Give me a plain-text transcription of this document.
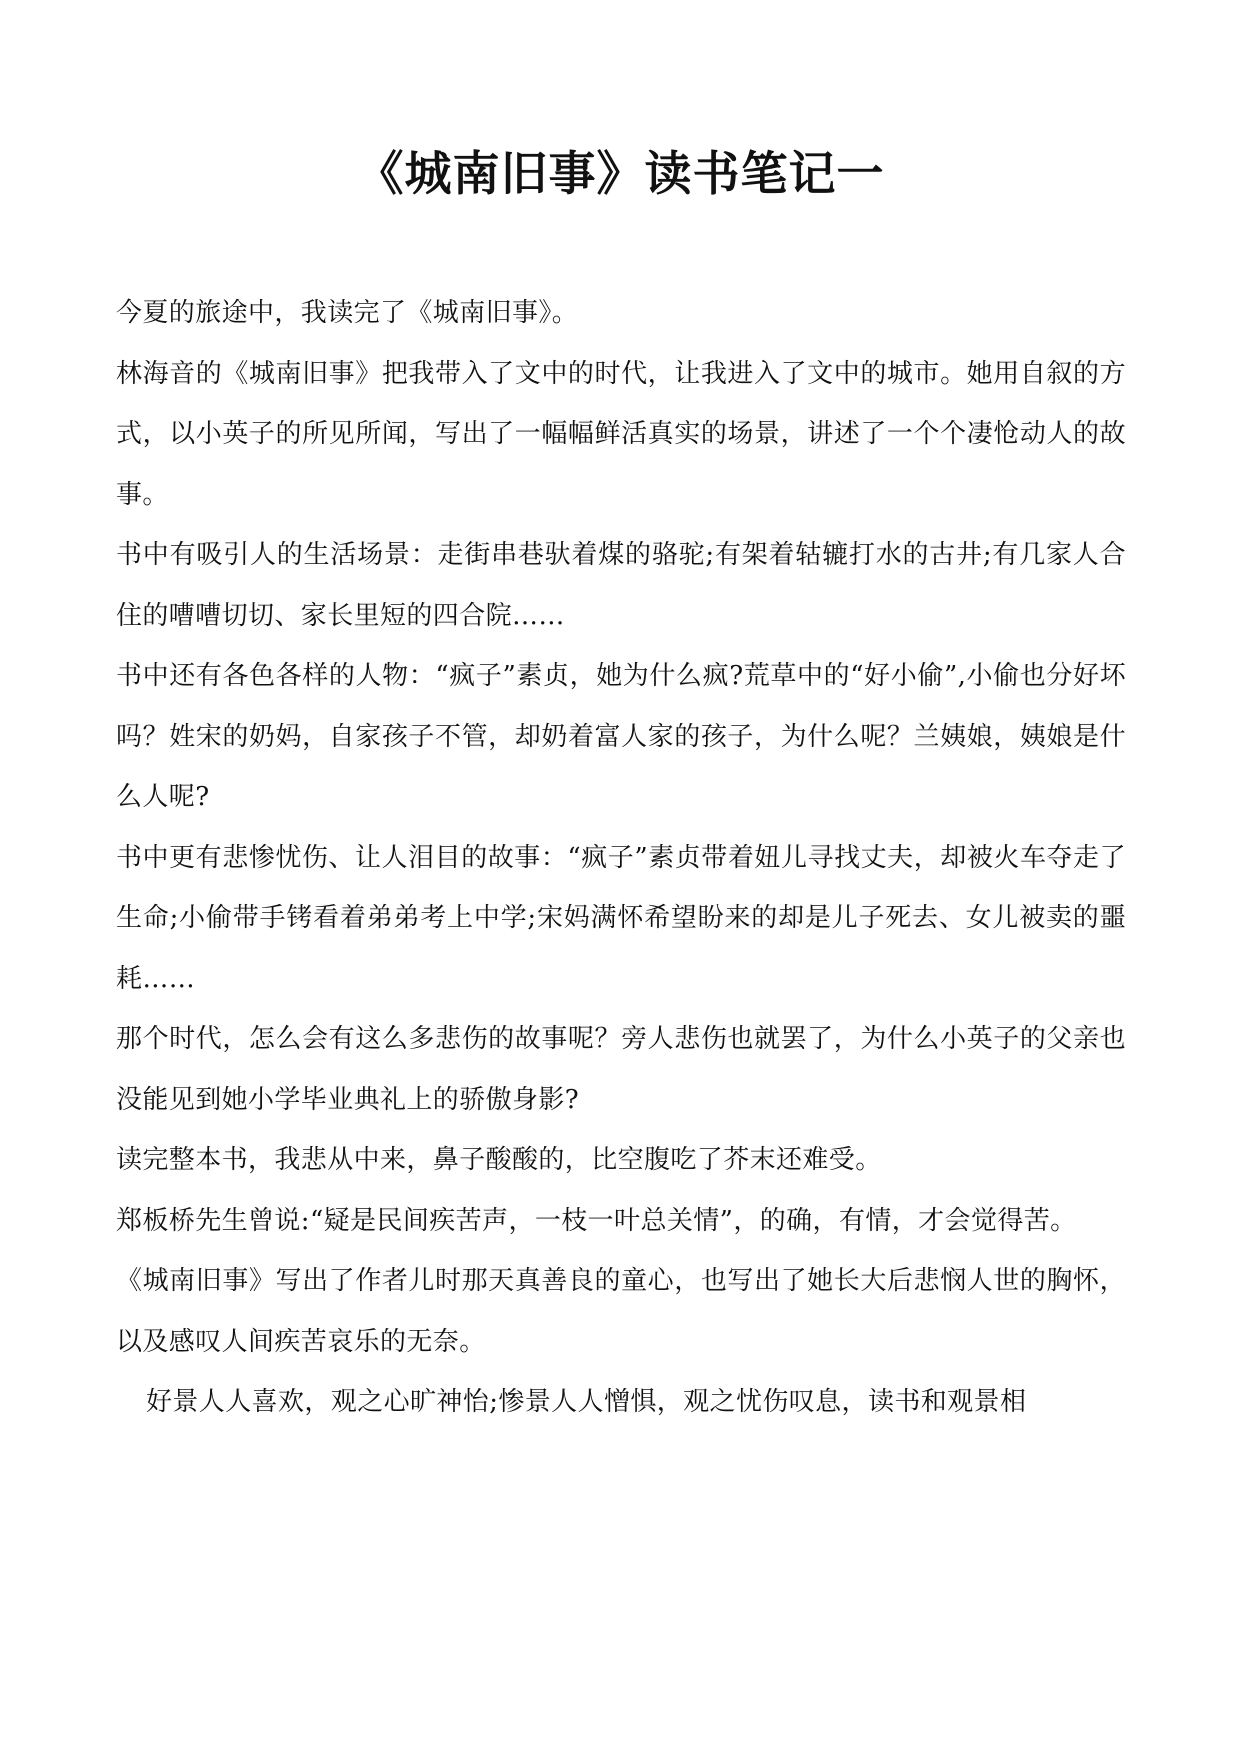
《城南旧事》读书笔记一

今夏的旅途中，我读完了《城南旧事》。

林海音的《城南旧事》把我带入了文中的时代，让我进入了文中的城市。她用自叙的方式，以小英子的所见所闻，写出了一幅幅鲜活真实的场景，讲述了一个个凄怆动人的故事。

书中有吸引人的生活场景：走街串巷驮着煤的骆驼;有架着轱辘打水的古井;有几家人合住的嘈嘈切切、家长里短的四合院……

书中还有各色各样的人物：“疯子”素贞，她为什么疯?荒草中的“好小偷”,小偷也分好坏吗？姓宋的奶妈，自家孩子不管，却奶着富人家的孩子，为什么呢？兰姨娘，姨娘是什么人呢?

书中更有悲惨忧伤、让人泪目的故事：“疯子”素贞带着妞儿寻找丈夫，却被火车夺走了生命;小偷带手铐看着弟弟考上中学;宋妈满怀希望盼来的却是儿子死去、女儿被卖的噩耗……

那个时代，怎么会有这么多悲伤的故事呢？旁人悲伤也就罢了，为什么小英子的父亲也没能见到她小学毕业典礼上的骄傲身影?

读完整本书，我悲从中来，鼻子酸酸的，比空腹吃了芥末还难受。

郑板桥先生曾说:“疑是民间疾苦声，一枝一叶总关情”，的确，有情，才会觉得苦。

《城南旧事》写出了作者儿时那天真善良的童心，也写出了她长大后悲悯人世的胸怀，以及感叹人间疾苦哀乐的无奈。

好景人人喜欢，观之心旷神怡;惨景人人憎惧，观之忧伤叹息，读书和观景相
